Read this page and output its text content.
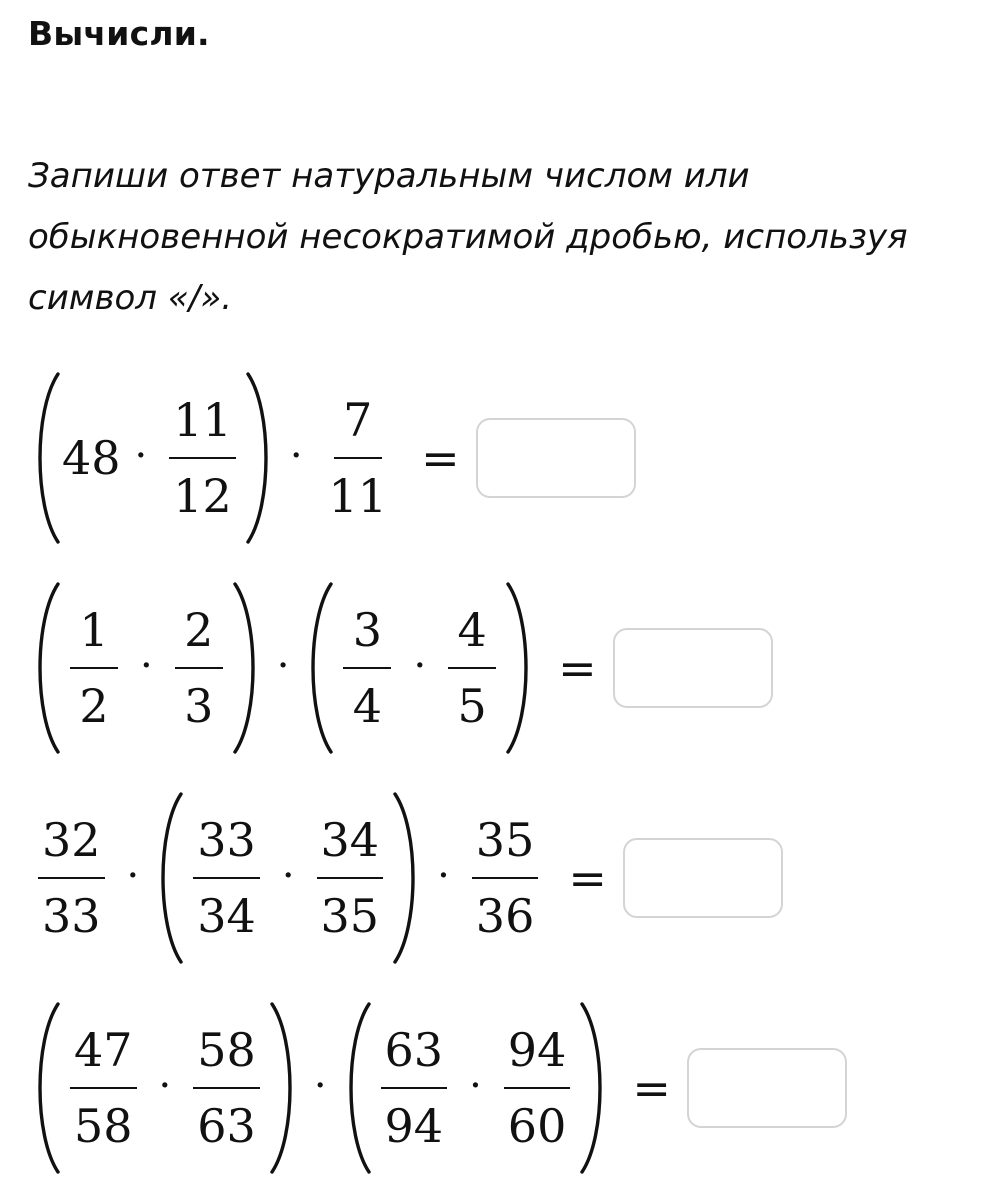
Вычисли.

Запиши ответ натуральным числом или обыкновенной несократимой дробью, используя символ «/».

$48 \cdot \frac{11}{12} \cdot \frac{7}{11}$ =
$\frac{1}{2} \cdot \frac{2}{3} \cdot \frac{3}{4} \cdot \frac{4}{5}$ =
$\frac{32}{33} \cdot \frac{33}{34} \cdot \frac{34}{35} \cdot \frac{35}{36}$ =
$\frac{47}{58} \cdot \frac{58}{63} \cdot \frac{63}{94} \cdot \frac{94}{60}$ =
